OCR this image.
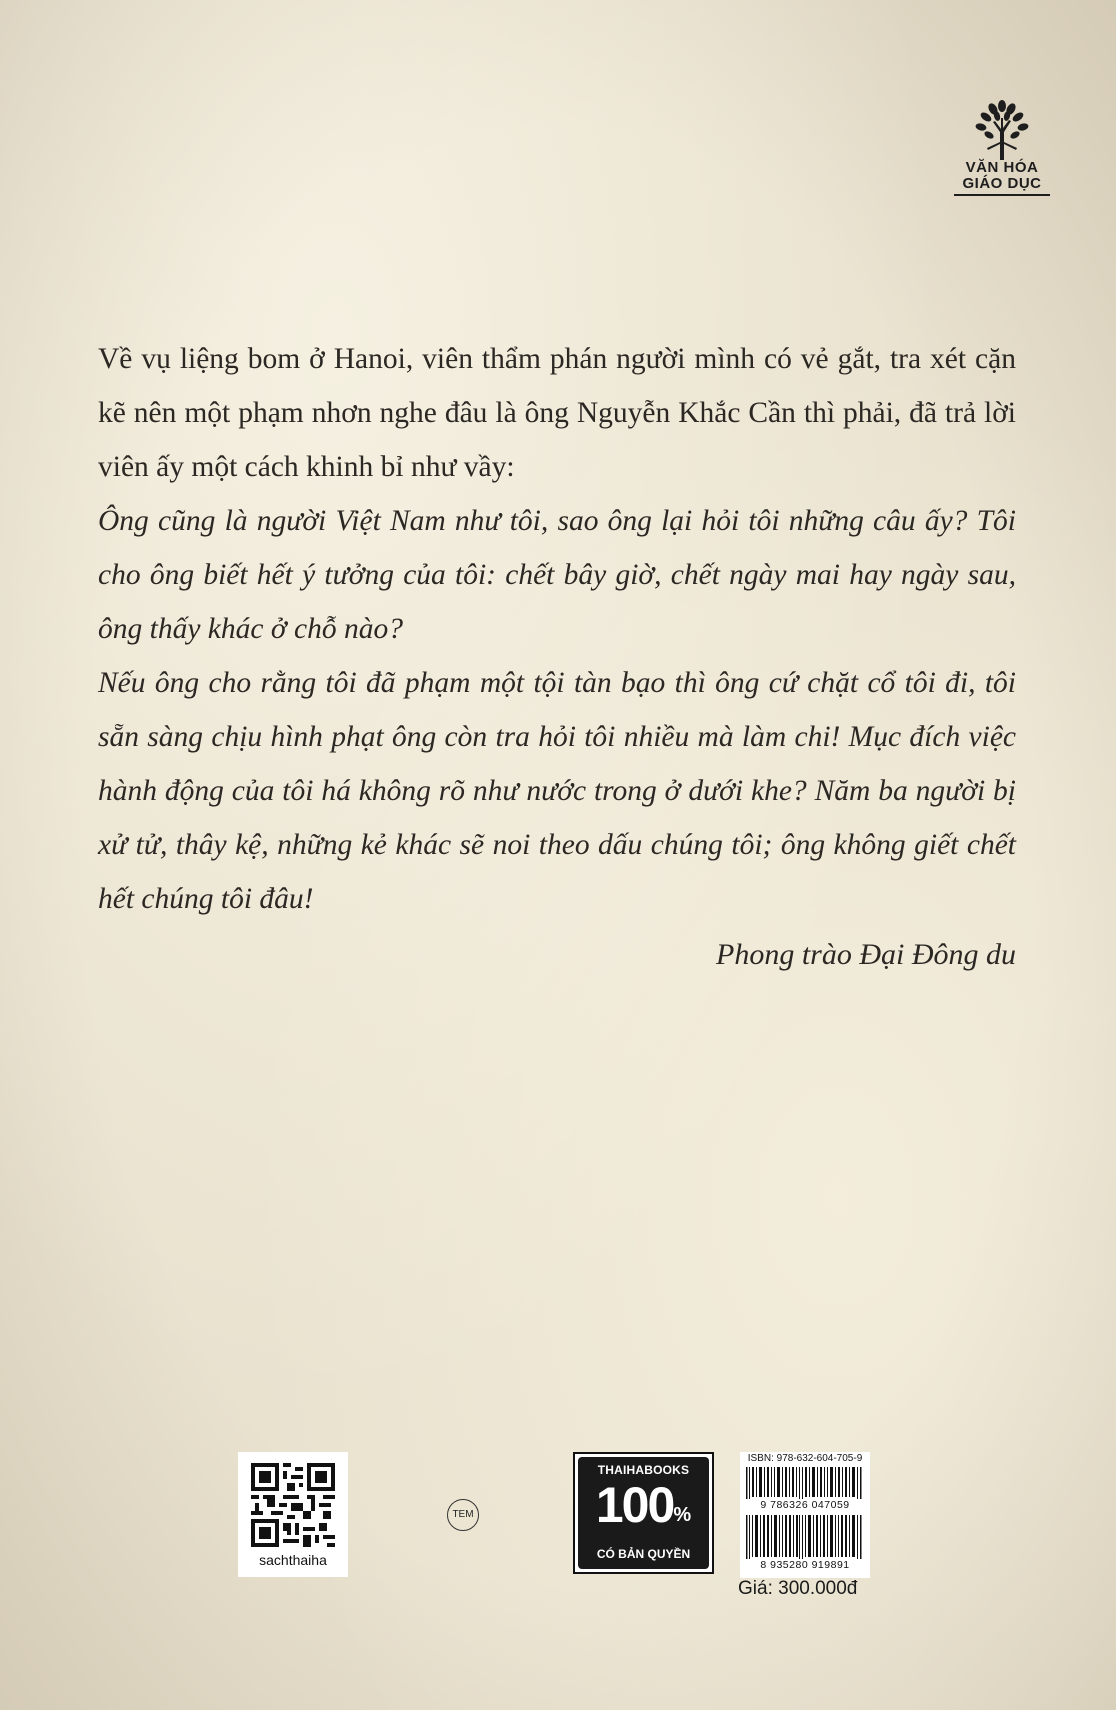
VĂN HÓA
GIÁO DỤC

Về vụ liệng bom ở Hanoi, viên thẩm phán người mình có vẻ gắt, tra xét cặn kẽ nên một phạm nhơn nghe đâu là ông Nguyễn Khắc Cần thì phải, đã trả lời viên ấy một cách khinh bỉ như vầy:

Ông cũng là người Việt Nam như tôi, sao ông lại hỏi tôi những câu ấy? Tôi cho ông biết hết ý tưởng của tôi: chết bây giờ, chết ngày mai hay ngày sau, ông thấy khác ở chỗ nào?

Nếu ông cho rằng tôi đã phạm một tội tàn bạo thì ông cứ chặt cổ tôi đi, tôi sẵn sàng chịu hình phạt ông còn tra hỏi tôi nhiều mà làm chi! Mục đích việc hành động của tôi há không rõ như nước trong ở dưới khe? Năm ba người bị xử tử, thây kệ, những kẻ khác sẽ noi theo dấu chúng tôi; ông không giết chết hết chúng tôi đâu!

Phong trào Đại Đông du

sachthaiha
TEM
THAIHABOOKS
100%
CÓ BẢN QUYỀN
ISBN: 978-632-604-705-9
9 786326 047059
8 935280 919891
Giá: 300.000đ
